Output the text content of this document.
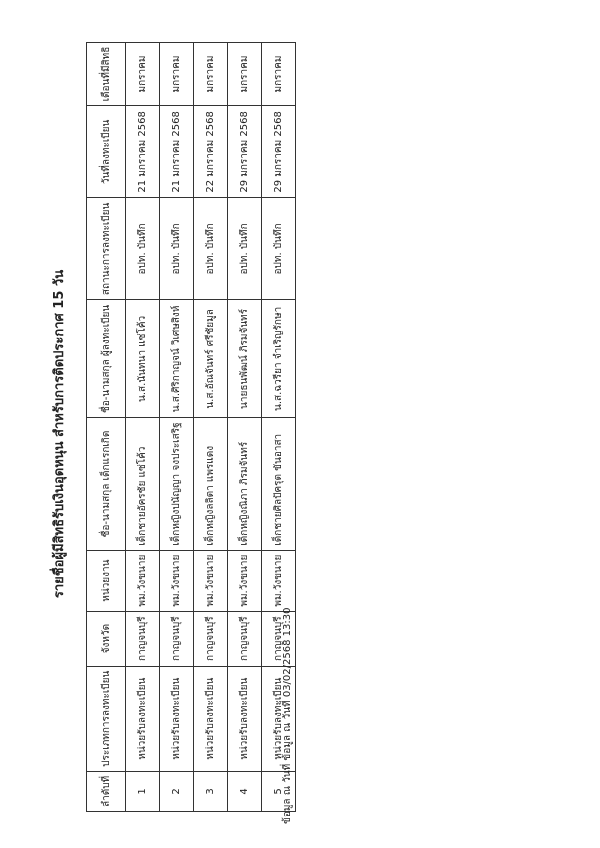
รายชื่อผู้มีสิทธิรับเงินอุดหนุน สำหรับการติดประกาศ 15 วัน
ลำดับที่	ประเภทการลงทะเบียน	จังหวัด	หน่วยงาน	ชื่อ-นามสกุล เด็กแรกเกิด	ชื่อ-นามสกุล ผู้ลงทะเบียน	สถานะการลงทะเบียน	วันที่ลงทะเบียน	เดือนที่มีสิทธิ
1	หน่วยรับลงทะเบียน	กาญจนบุรี	พม.วังขนาย	เด็กชายอัครชัย แซ่โค้ว	น.ส.นันทนา แซ่โค้ว	อปท. บันทึก	21 มกราคม 2568	มกราคม
2	หน่วยรับลงทะเบียน	กาญจนบุรี	พม.วังขนาย	เด็กหญิงปนัญญา จงประเสริฐ	น.ส.ศิริกาญจน์ วิเศษสิงห์	อปท. บันทึก	21 มกราคม 2568	มกราคม
3	หน่วยรับลงทะเบียน	กาญจนบุรี	พม.วังขนาย	เด็กหญิงลลิตา แพรแดง	น.ส.อัณจันทร์ ศรีชัยมูล	อปท. บันทึก	22 มกราคม 2568	มกราคม
4	หน่วยรับลงทะเบียน	กาญจนบุรี	พม.วังขนาย	เด็กหญิงณิภา ภิรมจันทร์	นายธนพัฒน์ ภิรมจันทร์	อปท. บันทึก	29 มกราคม 2568	มกราคม
5	หน่วยรับลงทะเบียน	กาญจนบุรี	พม.วังขนาย	เด็กชายศิลปัครุต ขันอาสา	น.ส.ฉวรียา จำเริญรักษา	อปท. บันทึก	29 มกราคม 2568	มกราคม
ข้อมูล ณ วันที่ ข้อมูล ณ วันที่ 03/02/2568 13:30
